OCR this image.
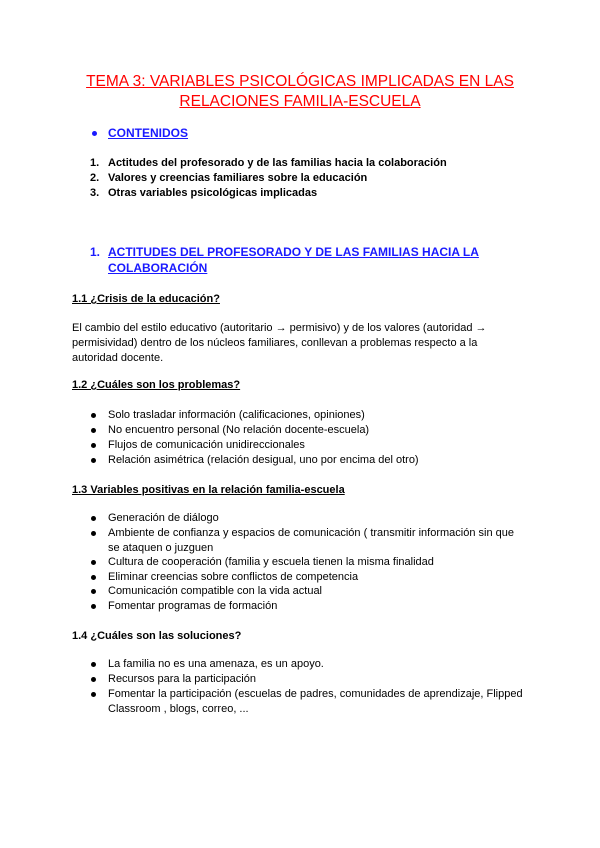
TEMA 3: VARIABLES PSICOLÓGICAS IMPLICADAS EN LAS
RELACIONES FAMILIA-ESCUELA
CONTENIDOS
1. Actitudes del profesorado y de las familias hacia la colaboración
2. Valores y creencias familiares sobre la educación
3. Otras variables psicológicas implicadas
1. ACTITUDES DEL PROFESORADO Y DE LAS FAMILIAS HACIA LA
COLABORACIÓN
1.1 ¿Crisis de la educación?
El cambio del estilo educativo (autoritario → permisivo) y de los valores (autoridad →
permisividad) dentro de los núcleos familiares, conllevan a problemas respecto a la
autoridad docente.
1.2 ¿Cuáles son los problemas?
Solo trasladar información (calificaciones, opiniones)
No encuentro personal (No relación docente-escuela)
Flujos de comunicación unidireccionales
Relación asimétrica (relación desigual, uno por encima del otro)
1.3 Variables positivas en la relación familia-escuela
Generación de diálogo
Ambiente de confianza y espacios de comunicación ( transmitir información sin que
se ataquen o juzguen
Cultura de cooperación (familia y escuela tienen la misma finalidad
Eliminar creencias sobre conflictos de competencia
Comunicación compatible con la vida actual
Fomentar programas de formación
1.4 ¿Cuáles son las soluciones?
La familia no es una amenaza, es un apoyo.
Recursos para la participación
Fomentar la participación (escuelas de padres, comunidades de aprendizaje, Flipped
Classroom , blogs, correo, ...
